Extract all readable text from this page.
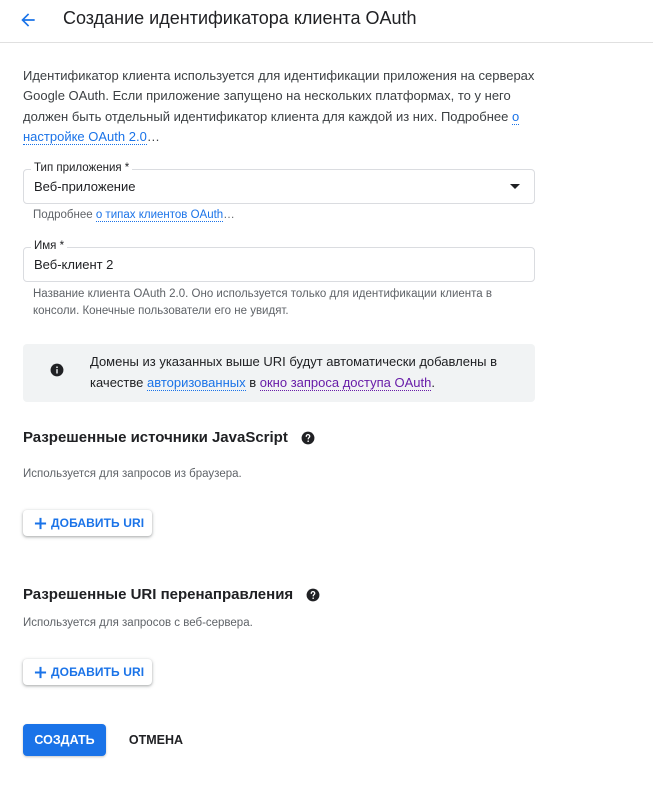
Создание идентификатора клиента OAuth
Идентификатор клиента используется для идентификации приложения на серверах Google OAuth. Если приложение запущено на нескольких платформах, то у него должен быть отдельный идентификатор клиента для каждой из них. Подробнее о настройке OAuth 2.0…
Тип приложения *
Веб-приложение
Подробнее о типах клиентов OAuth…
Имя *
Веб-клиент 2
Название клиента OAuth 2.0. Оно используется только для идентификации клиента в консоли. Конечные пользователи его не увидят.
Домены из указанных выше URI будут автоматически добавлены в качестве авторизованных в окно запроса доступа OAuth.
Разрешенные источники JavaScript
Используется для запросов из браузера.
ДОБАВИТЬ URI
Разрешенные URI перенаправления
Используется для запросов с веб-сервера.
ДОБАВИТЬ URI
СОЗДАТЬ	ОТМЕНА
